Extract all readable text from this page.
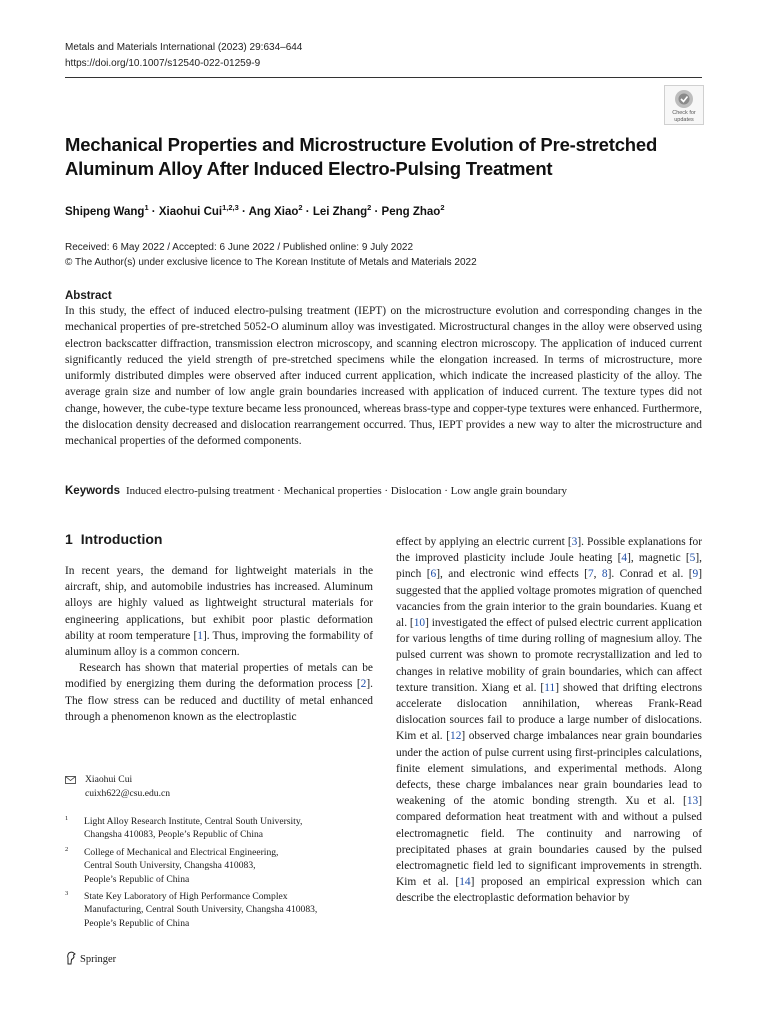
Metals and Materials International (2023) 29:634–644
https://doi.org/10.1007/s12540-022-01259-9
Check for
updates
Mechanical Properties and Microstructure Evolution of Pre-stretched Aluminum Alloy After Induced Electro-Pulsing Treatment
Shipeng Wang$^1$ · Xiaohui Cui$^{1,2,3}$ · Ang Xiao$^2$ · Lei Zhang$^2$ · Peng Zhao$^2$
Received: 6 May 2022 / Accepted: 6 June 2022 / Published online: 9 July 2022
© The Author(s) under exclusive licence to The Korean Institute of Metals and Materials 2022
Abstract
In this study, the effect of induced electro-pulsing treatment (IEPT) on the microstructure evolution and corresponding changes in the mechanical properties of pre-stretched 5052-O aluminum alloy was investigated. Microstructural changes in the alloy were observed using electron backscatter diffraction, transmission electron microscopy, and scanning electron microscopy. The application of induced current significantly reduced the yield strength of pre-stretched specimens while the elongation increased. In terms of microstructure, more uniformly distributed dimples were observed after induced current application, which indicate the increased plasticity of the alloy. The average grain size and number of low angle grain boundaries increased with application of induced current. The texture types did not change, however, the cube-type texture became less pronounced, whereas brass-type and copper-type textures were enhanced. Furthermore, the dislocation density decreased and dislocation rearrangement occurred. Thus, IEPT provides a new way to alter the microstructure and mechanical properties of the deformed components.
Keywords Induced electro-pulsing treatment · Mechanical properties · Dislocation · Low angle grain boundary
1 Introduction

In recent years, the demand for lightweight materials in the aircraft, ship, and automobile industries has increased. Aluminum alloys are highly valued as lightweight structural materials for engineering applications, but exhibit poor plastic deformation ability at room temperature [1]. Thus, improving the formability of aluminum alloy is a common concern.

Research has shown that material properties of metals can be modified by energizing them during the deformation process [2]. The flow stress can be reduced and ductility of metal enhanced through a phenomenon known as the electroplastic

effect by applying an electric current [3]. Possible explanations for the improved plasticity include Joule heating [4], magnetic [5], pinch [6], and electronic wind effects [7, 8]. Conrad et al. [9] suggested that the applied voltage promotes migration of quenched vacancies from the grain interior to the grain boundaries. Kuang et al. [10] investigated the effect of pulsed electric current application for various lengths of time during rolling of magnesium alloy. The pulsed current was shown to promote recrystallization and led to changes in relative mobility of grain boundaries, which can affect texture transition. Xiang et al. [11] showed that drifting electrons accelerate dislocation annihilation, whereas Frank-Read dislocation sources fail to produce a large number of dislocations. Kim et al. [12] observed charge imbalances near grain boundaries under the action of pulse current using first-principles calculations, finite element simulations, and experimental methods. Along defects, these charge imbalances near grain boundaries lead to weakening of the atomic bonding strength. Xu et al. [13] compared deformation heat treatment with and without a pulsed electromagnetic field. The continuity and narrowing of precipitated phases at grain boundaries caused by the pulsed electromagnetic field led to significant improvements in strength. Kim et al. [14] proposed an empirical expression which can describe the electroplastic deformation behavior by

Xiaohui Cui
cuixh622@csu.edu.cn
1 Light Alloy Research Institute, Central South University,
Changsha 410083, People’s Republic of China
2 College of Mechanical and Electrical Engineering,
Central South University, Changsha 410083,
People’s Republic of China
3 State Key Laboratory of High Performance Complex
Manufacturing, Central South University, Changsha 410083,
People’s Republic of China
Springer
